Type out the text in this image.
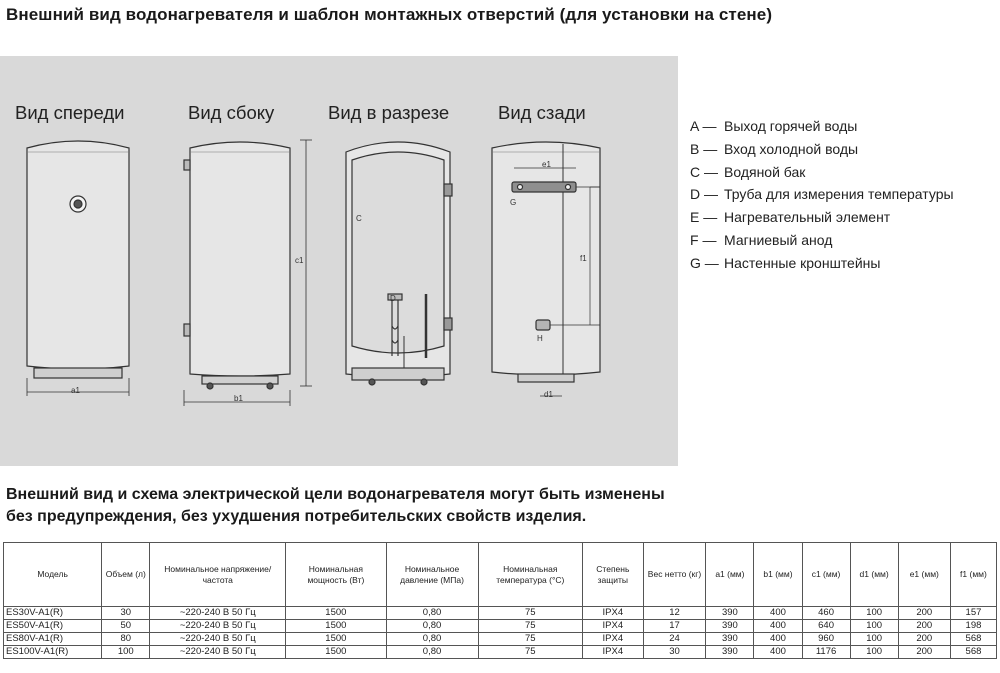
Внешний вид водонагревателя и шаблон монтажных отверстий (для установки на стене)
Вид спереди	Вид сбоку	Вид в разрезе	Вид сзади
a1
b1
c1
C
D
e1
G
f1
H
d1
A — Выход горячей воды
B — Вход холодной воды
C — Водяной бак
D — Труба для измерения температуры
E — Нагревательный элемент
F — Магниевый анод
G — Настенные кронштейны
Внешний вид и схема электрической цели водонагревателя могут быть изменены
без предупреждения, без ухудшения потребительских свойств изделия.
Модель	Объем (л)	Номинальное напряжение/частота	Номинальная мощность (Вт)	Номинальное давление (МПа)	Номинальная температура (°C)	Степень защиты	Вес нетто (кг)	a1 (мм)	b1 (мм)	c1 (мм)	d1 (мм)	e1 (мм)	f1 (мм)
ES30V-A1(R)	30	~220-240 В 50 Гц	1500	0,80	75	IPX4	12	390	400	460	100	200	157
ES50V-A1(R)	50	~220-240 В 50 Гц	1500	0,80	75	IPX4	17	390	400	640	100	200	198
ES80V-A1(R)	80	~220-240 В 50 Гц	1500	0,80	75	IPX4	24	390	400	960	100	200	568
ES100V-A1(R)	100	~220-240 В 50 Гц	1500	0,80	75	IPX4	30	390	400	1176	100	200	568
